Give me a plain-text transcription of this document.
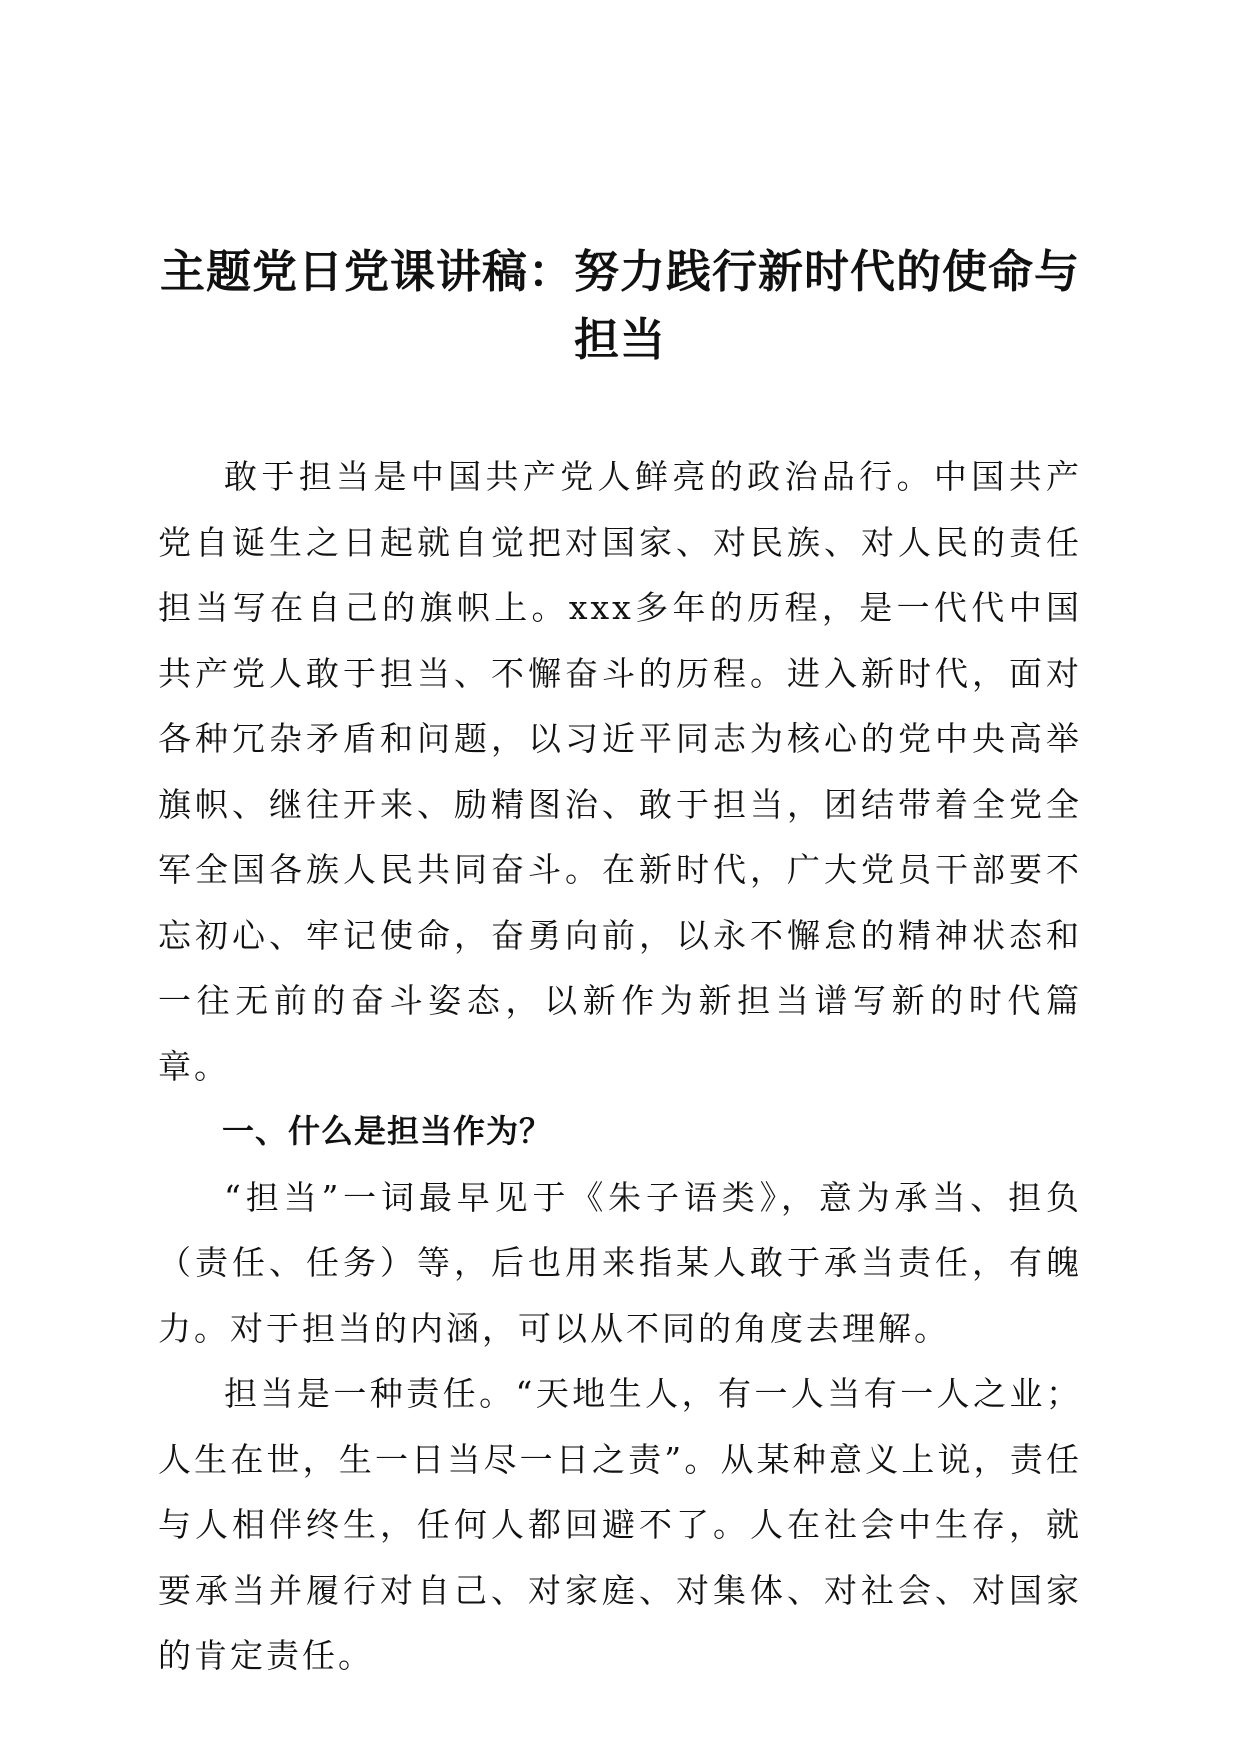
主题党日党课讲稿：努力践行新时代的使命与担当

敢于担当是中国共产党人鲜亮的政治品行。中国共产党自诞生之日起就自觉把对国家、对民族、对人民的责任担当写在自己的旗帜上。xxx多年的历程，是一代代中国共产党人敢于担当、不懈奋斗的历程。进入新时代，面对各种冗杂矛盾和问题，以习近平同志为核心的党中央高举旗帜、继往开来、励精图治、敢于担当，团结带着全党全军全国各族人民共同奋斗。在新时代，广大党员干部要不忘初心、牢记使命，奋勇向前，以永不懈怠的精神状态和一往无前的奋斗姿态，以新作为新担当谱写新的时代篇章。

一、什么是担当作为？

“担当”一词最早见于《朱子语类》，意为承当、担负（责任、任务）等，后也用来指某人敢于承当责任，有魄力。对于担当的内涵，可以从不同的角度去理解。

担当是一种责任。“天地生人，有一人当有一人之业；人生在世，生一日当尽一日之责”。从某种意义上说，责任与人相伴终生，任何人都回避不了。人在社会中生存，就要承当并履行对自己、对家庭、对集体、对社会、对国家的肯定责任。
